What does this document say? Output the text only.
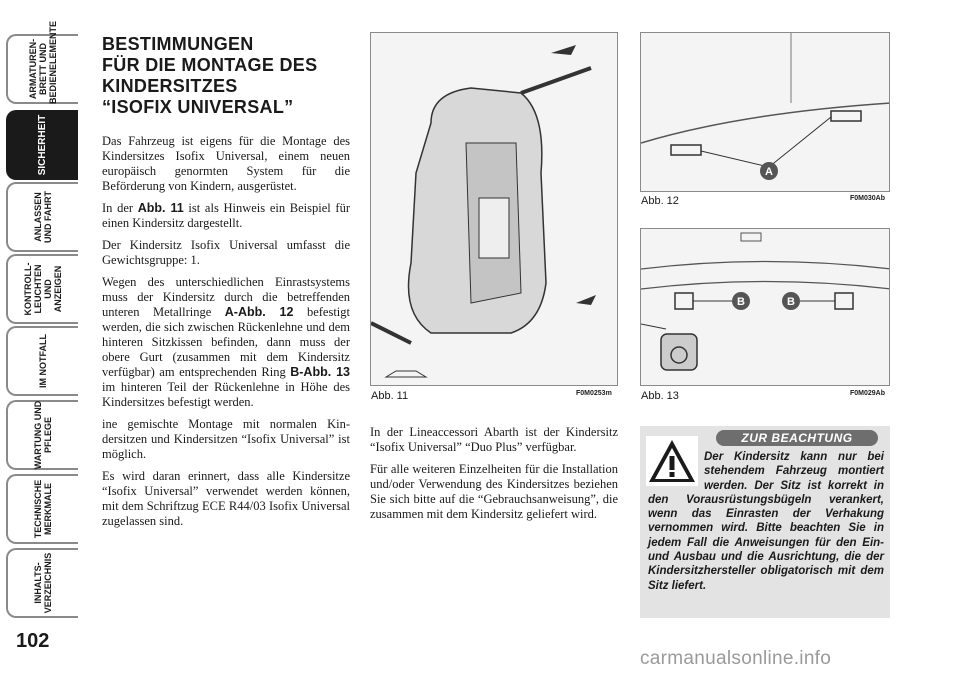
ARMATUREN-
BRETT UND
BEDIENELEMENTE
SICHERHEIT
ANLASSEN
UND FAHRT
KONTROLL-
LEUCHTEN UND
ANZEIGEN
IM NOTFALL
WARTUNG UND
PFLEGE
TECHNISCHE
MERKMALE
INHALTS-
VERZEICHNIS
102
BESTIMMUNGEN
FÜR DIE MONTAGE DES
KINDERSITZES
“ISOFIX UNIVERSAL”

Das Fahrzeug ist eigens für die Montage des Kindersitzes Isofix Universal, einem neuen europäisch genormten System für die Beförderung von Kindern, ausgerüstet.

In der Abb. 11 ist als Hinweis ein Beispiel für einen Kindersitz dargestellt.

Der Kindersitz Isofix Universal umfasst die Gewichtsgruppe: 1.

Wegen des unterschiedlichen Einrastsystems muss der Kindersitz durch die betreffenden unteren Metallringe A-Abb. 12 befestigt werden, die sich zwischen Rückenlehne und dem hinteren Sitzkissen befinden, dann muss der obere Gurt (zusammen mit dem Kindersitz verfügbar) am entsprechenden Ring B-Abb. 13 im hinteren Teil der Rückenlehne in Höhe des Kindersitzes befestigt werden.

ine gemischte Montage mit normalen Kindersitzen und Kindersitzen “Isofix Universal” ist möglich.

Es wird daran erinnert, dass alle Kindersitze “Isofix Universal” verwendet werden können, mit dem Schriftzug ECE R44/03 Isofix Universal zugelassen sind.

Abb. 11	F0M0253m
A
Abb. 12	F0M030Ab
B	B
Abb. 13	F0M029Ab

In der Lineaccessori Abarth ist der Kindersitz “Isofix Universal” “Duo Plus” verfügbar.

Für alle weiteren Einzelheiten für die Installation und/oder Verwendung des Kindersitzes beziehen Sie sich bitte auf die “Gebrauchsanweisung”, die zusammen mit dem Kindersitz geliefert wird.

ZUR BEACHTUNG
Der Kindersitz kann nur bei stehendem Fahrzeug montiert werden. Der Sitz ist korrekt in den Vorausrüstungsbügeln verankert, wenn das Einrasten der Verhakung vernommen wird. Bitte beachten Sie in jedem Fall die Anweisungen für den Ein- und Ausbau und die Ausrichtung, die der Kindersitzhersteller obligatorisch mit dem Sitz liefert.
carmanualsonline.info
